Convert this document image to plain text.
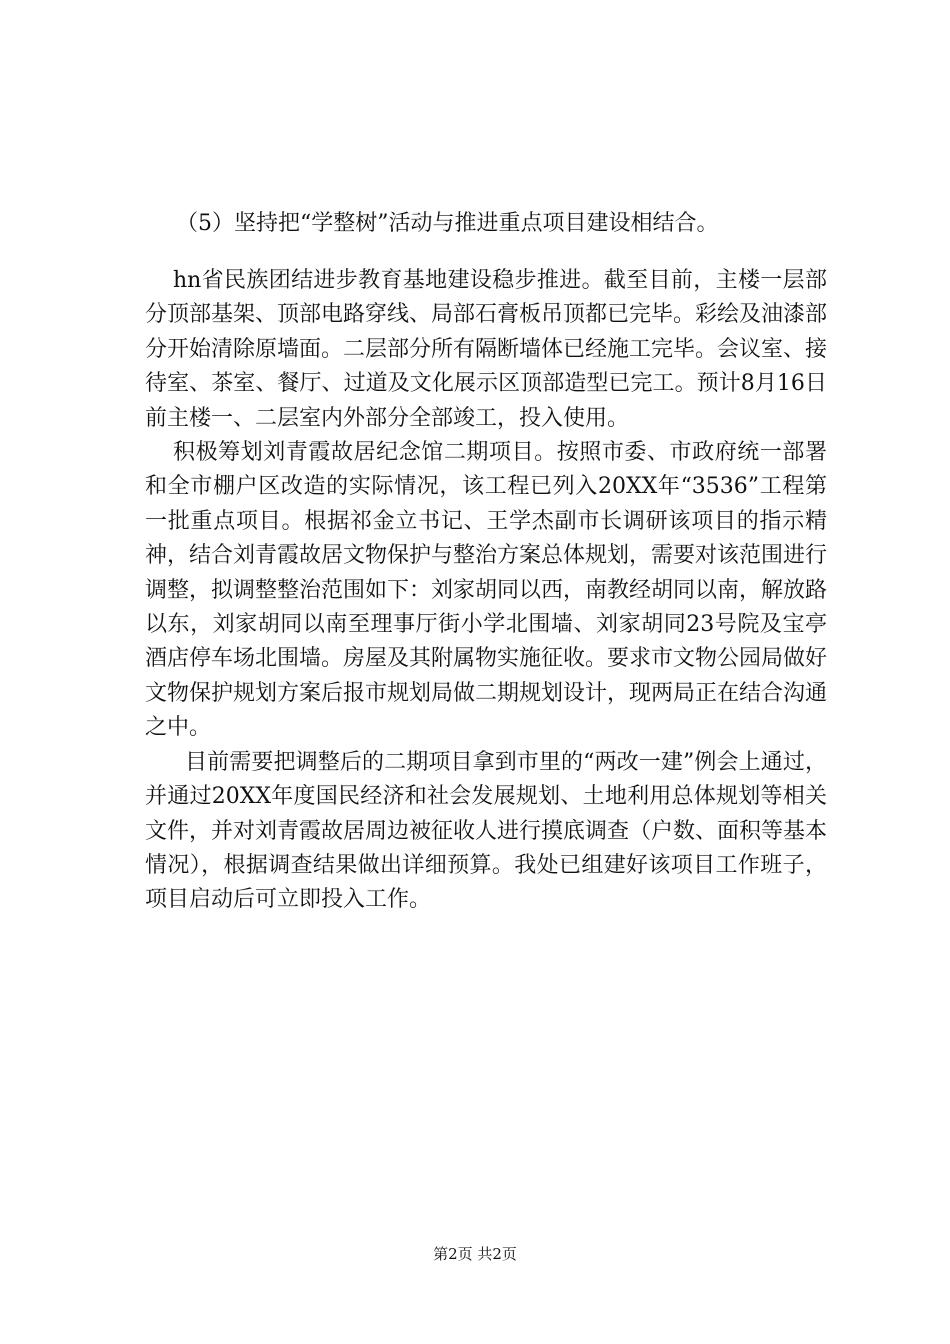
（5）坚持把“学整树”活动与推进重点项目建设相结合。

hn省民族团结进步教育基地建设稳步推进。截至目前，主楼一层部分顶部基架、顶部电路穿线、局部石膏板吊顶都已完毕。彩绘及油漆部分开始清除原墙面。二层部分所有隔断墙体已经施工完毕。会议室、接待室、茶室、餐厅、过道及文化展示区顶部造型已完工。预计8月16日前主楼一、二层室内外部分全部竣工，投入使用。

积极筹划刘青霞故居纪念馆二期项目。按照市委、市政府统一部署和全市棚户区改造的实际情况，该工程已列入20XX年“3536”工程第一批重点项目。根据祁金立书记、王学杰副市长调研该项目的指示精神，结合刘青霞故居文物保护与整治方案总体规划，需要对该范围进行调整，拟调整整治范围如下：刘家胡同以西，南教经胡同以南，解放路以东，刘家胡同以南至理事厅街小学北围墙、刘家胡同23号院及宝亭酒店停车场北围墙。房屋及其附属物实施征收。要求市文物公园局做好文物保护规划方案后报市规划局做二期规划设计，现两局正在结合沟通之中。

目前需要把调整后的二期项目拿到市里的“两改一建”例会上通过，并通过20XX年度国民经济和社会发展规划、土地利用总体规划等相关文件，并对刘青霞故居周边被征收人进行摸底调查（户数、面积等基本情况），根据调查结果做出详细预算。我处已组建好该项目工作班子，项目启动后可立即投入工作。

第2页 共2页
